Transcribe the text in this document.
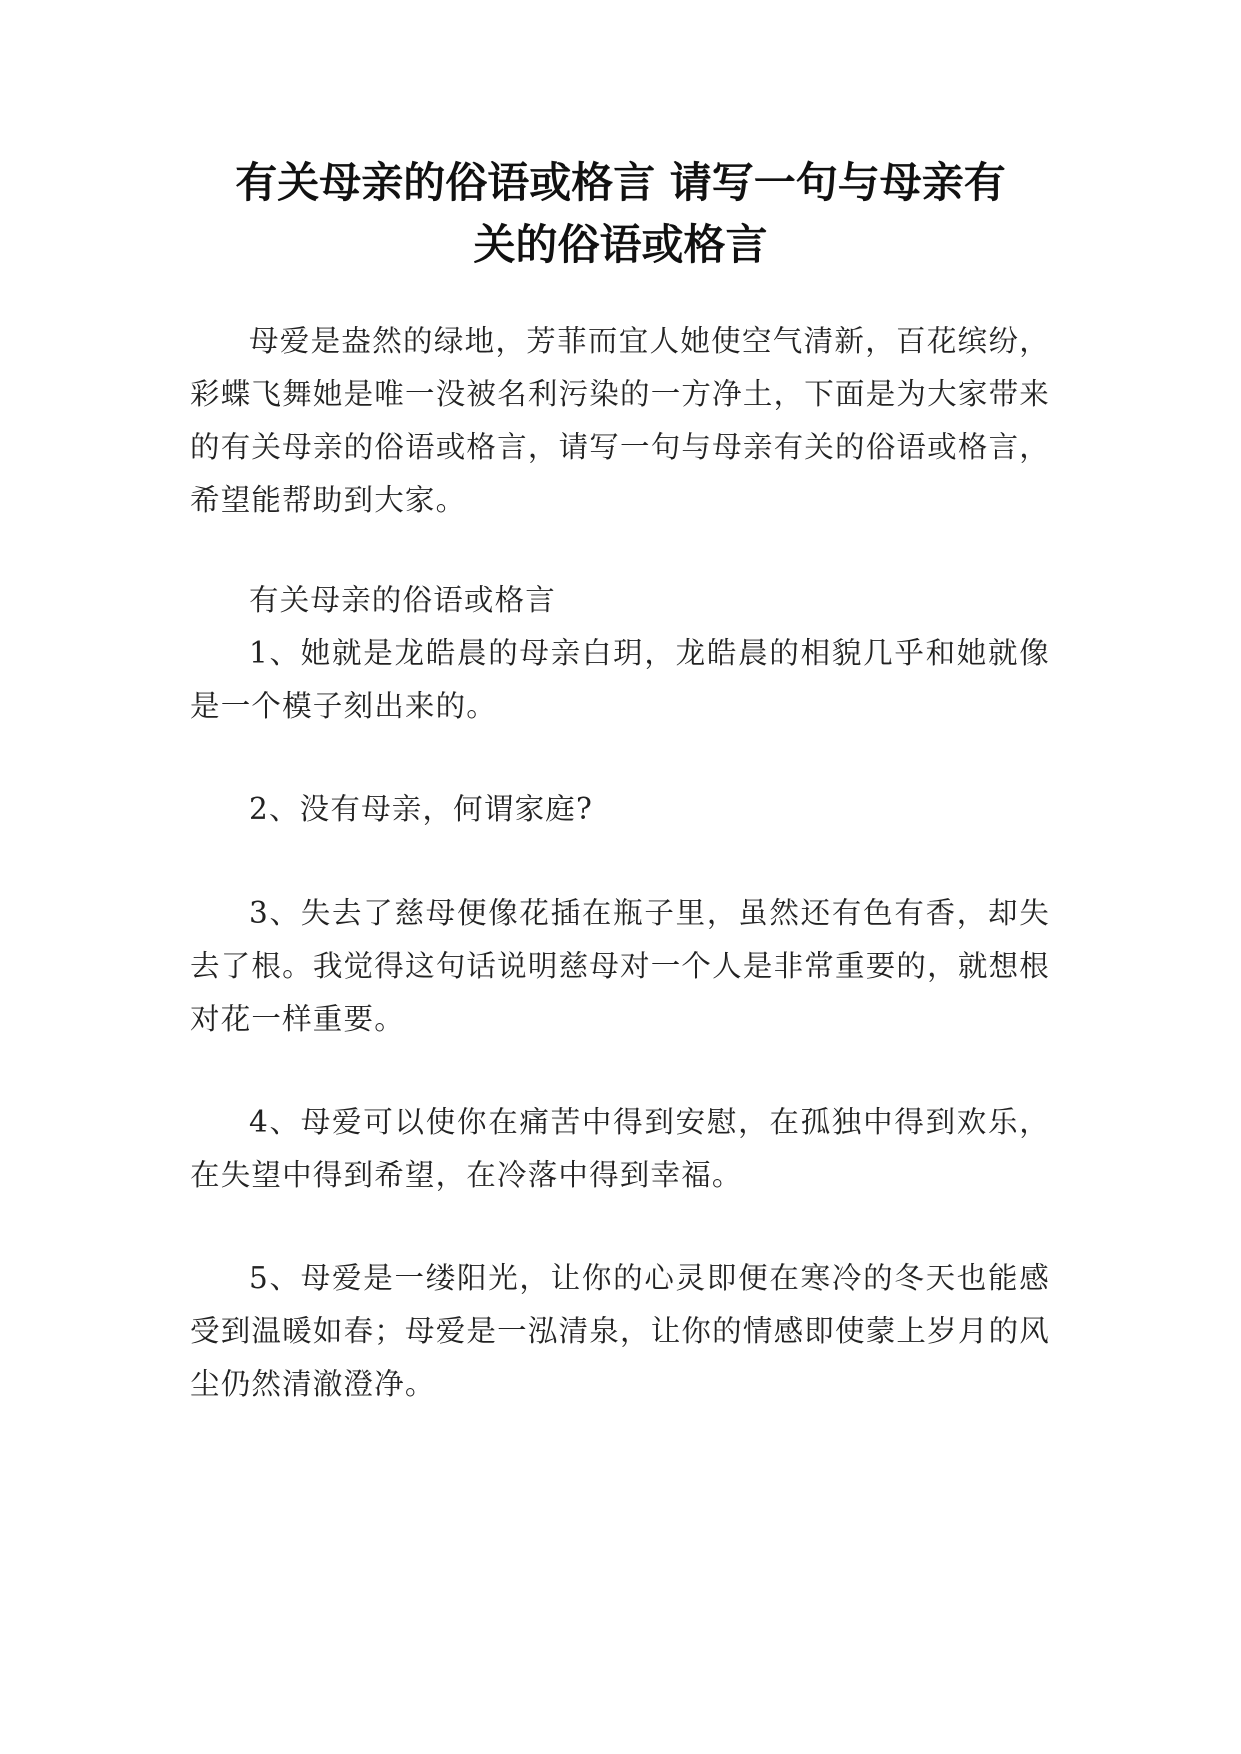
有关母亲的俗语或格言 请写一句与母亲有
关的俗语或格言

母爱是盎然的绿地，芳菲而宜人她使空气清新，百花缤纷，彩蝶飞舞她是唯一没被名利污染的一方净土，下面是为大家带来的有关母亲的俗语或格言，请写一句与母亲有关的俗语或格言，希望能帮助到大家。

有关母亲的俗语或格言

1、她就是龙皓晨的母亲白玥，龙皓晨的相貌几乎和她就像是一个模子刻出来的。

2、没有母亲，何谓家庭?

3、失去了慈母便像花插在瓶子里，虽然还有色有香，却失去了根。我觉得这句话说明慈母对一个人是非常重要的，就想根对花一样重要。

4、母爱可以使你在痛苦中得到安慰，在孤独中得到欢乐，在失望中得到希望，在冷落中得到幸福。

5、母爱是一缕阳光，让你的心灵即便在寒冷的冬天也能感受到温暖如春；母爱是一泓清泉，让你的情感即使蒙上岁月的风尘仍然清澈澄净。
